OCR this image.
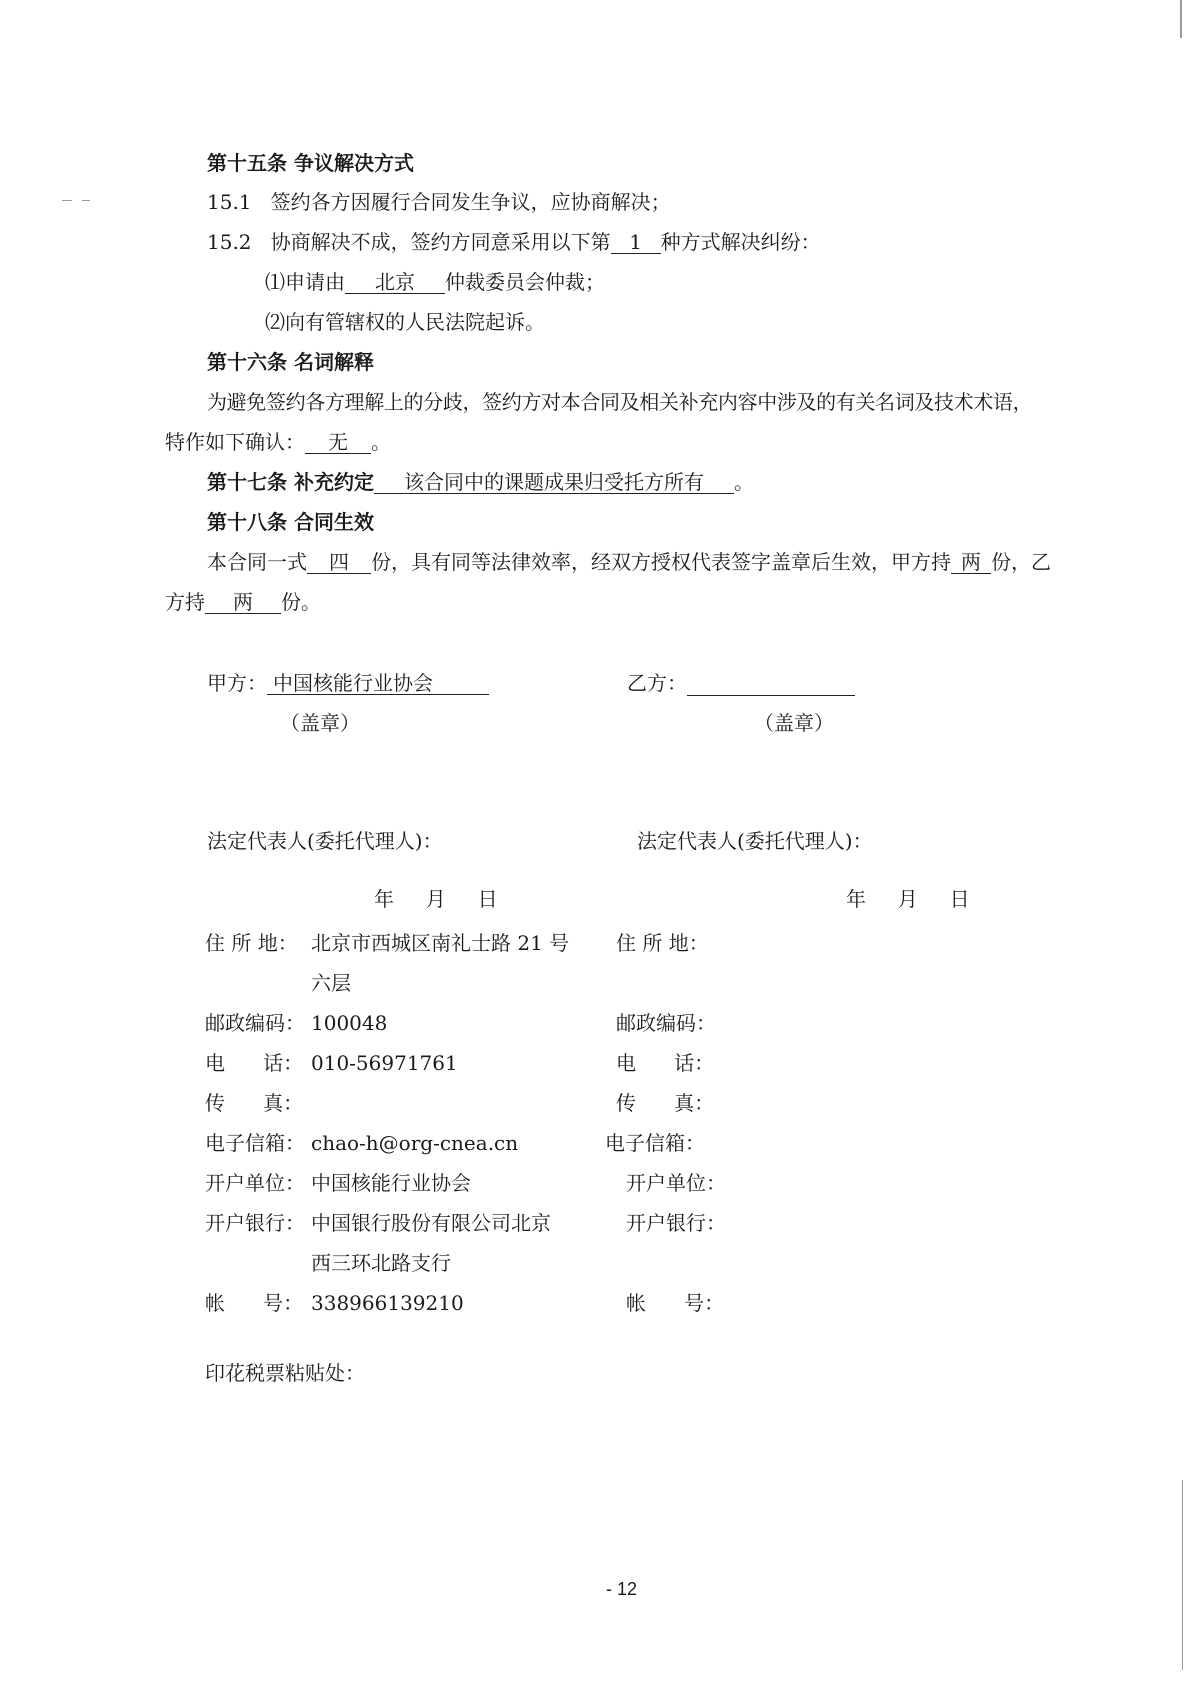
第十五条 争议解决方式
15.1 签约各方因履行合同发生争议，应协商解决；
15.2 协商解决不成，签约方同意采用以下第 1 种方式解决纠纷：
⑴申请由 北京 仲裁委员会仲裁；
⑵向有管辖权的人民法院起诉。
第十六条 名词解释
为避免签约各方理解上的分歧，签约方对本合同及相关补充内容中涉及的有关名词及技术术语，
特作如下确认： 无 。
第十七条 补充约定 该合同中的课题成果归受托方所有 。
第十八条 合同生效
本合同一式 四 份，具有同等法律效率，经双方授权代表签字盖章后生效，甲方持 两 份，乙
方持 两 份。
甲方： 中国核能行业协会
（盖章）
乙方：
（盖章）
法定代表人(委托代理人)：	法定代表人(委托代理人)：
年     月     日	年     月     日
住 所 地： 北京市西城区南礼士路 21 号
六层
邮政编码： 100048
电      话： 010-56971761
传      真：
电子信箱： chao-h@org-cnea.cn
开户单位： 中国核能行业协会
开户银行： 中国银行股份有限公司北京
西三环北路支行
帐      号： 338966139210
住 所 地：
邮政编码：
电      话：
传      真：
电子信箱：
开户单位：
开户银行：
帐      号：
印花税票粘贴处：
- 12
